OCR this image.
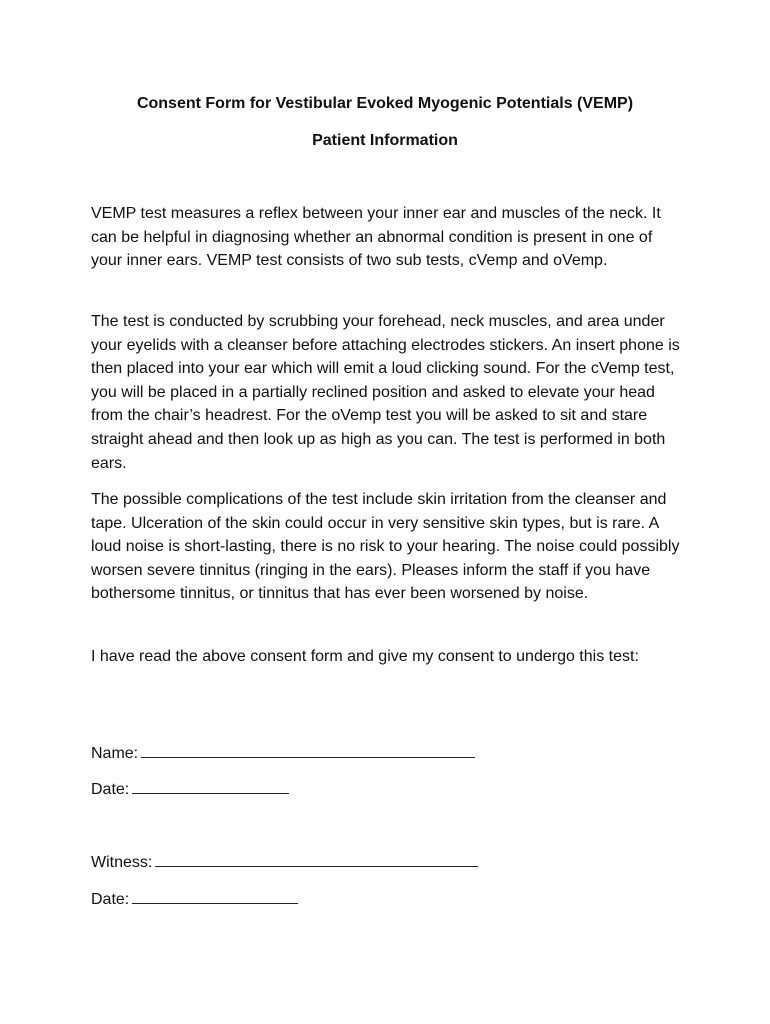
Consent Form for Vestibular Evoked Myogenic Potentials (VEMP)
Patient Information

VEMP test measures a reflex between your inner ear and muscles of the neck. It can be helpful in diagnosing whether an abnormal condition is present in one of your inner ears. VEMP test consists of two sub tests, cVemp and oVemp.

The test is conducted by scrubbing your forehead, neck muscles, and area under your eyelids with a cleanser before attaching electrodes stickers. An insert phone is then placed into your ear which will emit a loud clicking sound. For the cVemp test, you will be placed in a partially reclined position and asked to elevate your head from the chair’s headrest. For the oVemp test you will be asked to sit and stare straight ahead and then look up as high as you can. The test is performed in both ears.

The possible complications of the test include skin irritation from the cleanser and tape. Ulceration of the skin could occur in very sensitive skin types, but is rare. A loud noise is short-lasting, there is no risk to your hearing. The noise could possibly worsen severe tinnitus (ringing in the ears). Pleases inform the staff if you have bothersome tinnitus, or tinnitus that has ever been worsened by noise.

I have read the above consent form and give my consent to undergo this test:

Name:
Date:
Witness:
Date:
